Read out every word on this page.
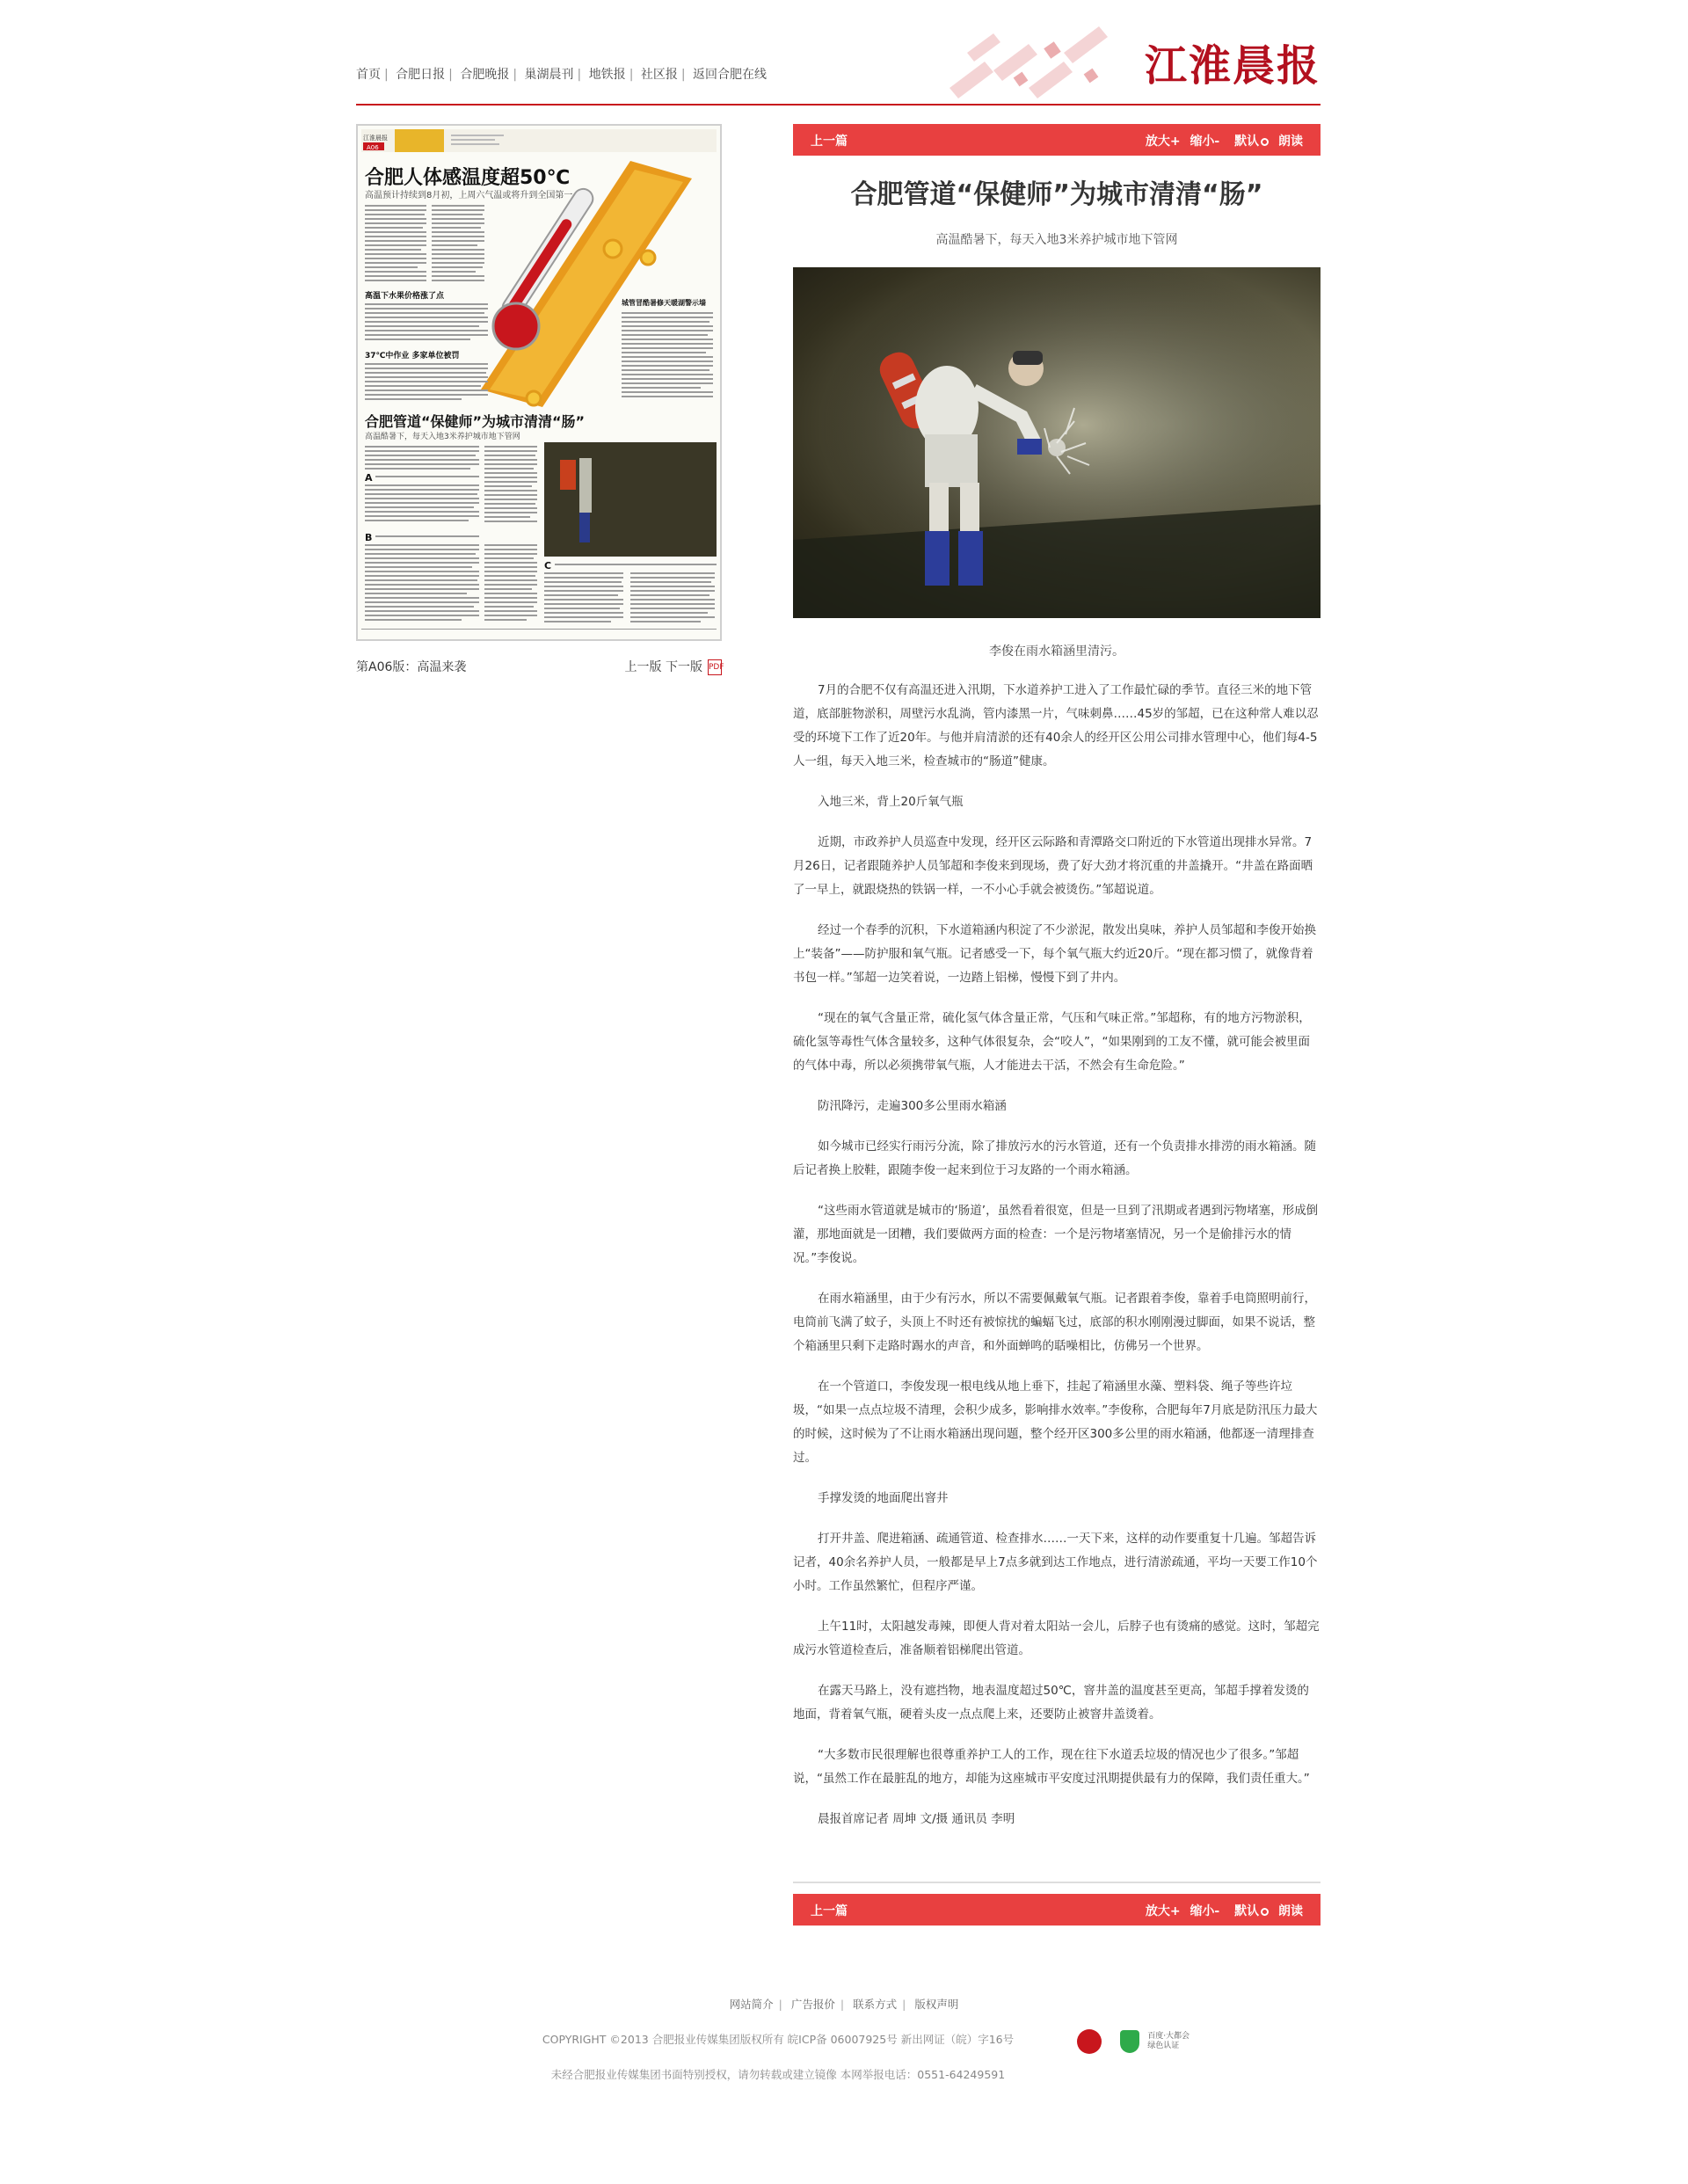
首页 | 合肥日报 | 合肥晚报 | 巢湖晨刊 | 地铁报 | 社区报 | 返回合肥在线	江淮晨报
江淮晨报
A06
合肥人体感温度超50℃
高温预计持续到8月初，上周六气温或将升到全国第一
高温下水果价格涨了点
37℃中作业 多家单位被罚
城管冒酷暑修天暖湖警示墙
合肥管道“保健师”为城市清清“肠”
高温酷暑下，每天入地3米养护城市地下管网
A
B
C
第A06版：高温来袭	上一版 下一版 PDF
上一篇	放大+ 缩小- 默认 朗读
合肥管道“保健师”为城市清清“肠”
高温酷暑下，每天入地3米养护城市地下管网
李俊在雨水箱涵里清污。

7月的合肥不仅有高温还进入汛期，下水道养护工进入了工作最忙碌的季节。直径三米的地下管道，底部脏物淤积，周壁污水乱淌，管内漆黑一片，气味刺鼻……45岁的邹超，已在这种常人难以忍受的环境下工作了近20年。与他并肩清淤的还有40余人的经开区公用公司排水管理中心，他们每4-5人一组，每天入地三米，检查城市的“肠道”健康。

入地三米，背上20斤氧气瓶

近期，市政养护人员巡查中发现，经开区云际路和青潭路交口附近的下水管道出现排水异常。7月26日，记者跟随养护人员邹超和李俊来到现场，费了好大劲才将沉重的井盖撬开。“井盖在路面晒了一早上，就跟烧热的铁锅一样，一不小心手就会被烫伤。”邹超说道。

经过一个春季的沉积，下水道箱涵内积淀了不少淤泥，散发出臭味，养护人员邹超和李俊开始换上“装备”——防护服和氧气瓶。记者感受一下，每个氧气瓶大约近20斤。“现在都习惯了，就像背着书包一样。”邹超一边笑着说，一边踏上铝梯，慢慢下到了井内。

“现在的氧气含量正常，硫化氢气体含量正常，气压和气味正常。”邹超称，有的地方污物淤积，硫化氢等毒性气体含量较多，这种气体很复杂，会“咬人”，“如果刚到的工友不懂，就可能会被里面的气体中毒，所以必须携带氧气瓶，人才能进去干活，不然会有生命危险。”

防汛降污，走遍300多公里雨水箱涵

如今城市已经实行雨污分流，除了排放污水的污水管道，还有一个负责排水排涝的雨水箱涵。随后记者换上胶鞋，跟随李俊一起来到位于习友路的一个雨水箱涵。

“这些雨水管道就是城市的‘肠道’，虽然看着很宽，但是一旦到了汛期或者遇到污物堵塞，形成倒灌，那地面就是一团糟，我们要做两方面的检查：一个是污物堵塞情况，另一个是偷排污水的情况。”李俊说。

在雨水箱涵里，由于少有污水，所以不需要佩戴氧气瓶。记者跟着李俊，靠着手电筒照明前行，电筒前飞满了蚊子，头顶上不时还有被惊扰的蝙蝠飞过，底部的积水刚刚漫过脚面，如果不说话，整个箱涵里只剩下走路时踢水的声音，和外面蝉鸣的聒噪相比，仿佛另一个世界。

在一个管道口，李俊发现一根电线从地上垂下，挂起了箱涵里水藻、塑料袋、绳子等些许垃圾，“如果一点点垃圾不清理，会积少成多，影响排水效率。”李俊称，合肥每年7月底是防汛压力最大的时候，这时候为了不让雨水箱涵出现问题，整个经开区300多公里的雨水箱涵，他都逐一清理排查过。

手撑发烫的地面爬出窨井

打开井盖、爬进箱涵、疏通管道、检查排水……一天下来，这样的动作要重复十几遍。邹超告诉记者，40余名养护人员，一般都是早上7点多就到达工作地点，进行清淤疏通，平均一天要工作10个小时。工作虽然繁忙，但程序严谨。

上午11时，太阳越发毒辣，即便人背对着太阳站一会儿，后脖子也有烫痛的感觉。这时，邹超完成污水管道检查后，准备顺着铝梯爬出管道。

在露天马路上，没有遮挡物，地表温度超过50℃，窨井盖的温度甚至更高，邹超手撑着发烫的地面，背着氧气瓶，硬着头皮一点点爬上来，还要防止被窨井盖烫着。

“大多数市民很理解也很尊重养护工人的工作，现在往下水道丢垃圾的情况也少了很多。”邹超说，“虽然工作在最脏乱的地方，却能为这座城市平安度过汛期提供最有力的保障，我们责任重大。”

晨报首席记者 周坤 文/摄 通讯员 李明

上一篇	放大+ 缩小- 默认 朗读
网站简介 | 广告报价 | 联系方式 | 版权声明
COPYRIGHT ©2013 合肥报业传媒集团版权所有 皖ICP备 06007925号 新出网证（皖）字16号
未经合肥报业传媒集团书面特别授权，请勿转载或建立镜像 本网举报电话：0551-64249591
百度·大都会
绿色认证
